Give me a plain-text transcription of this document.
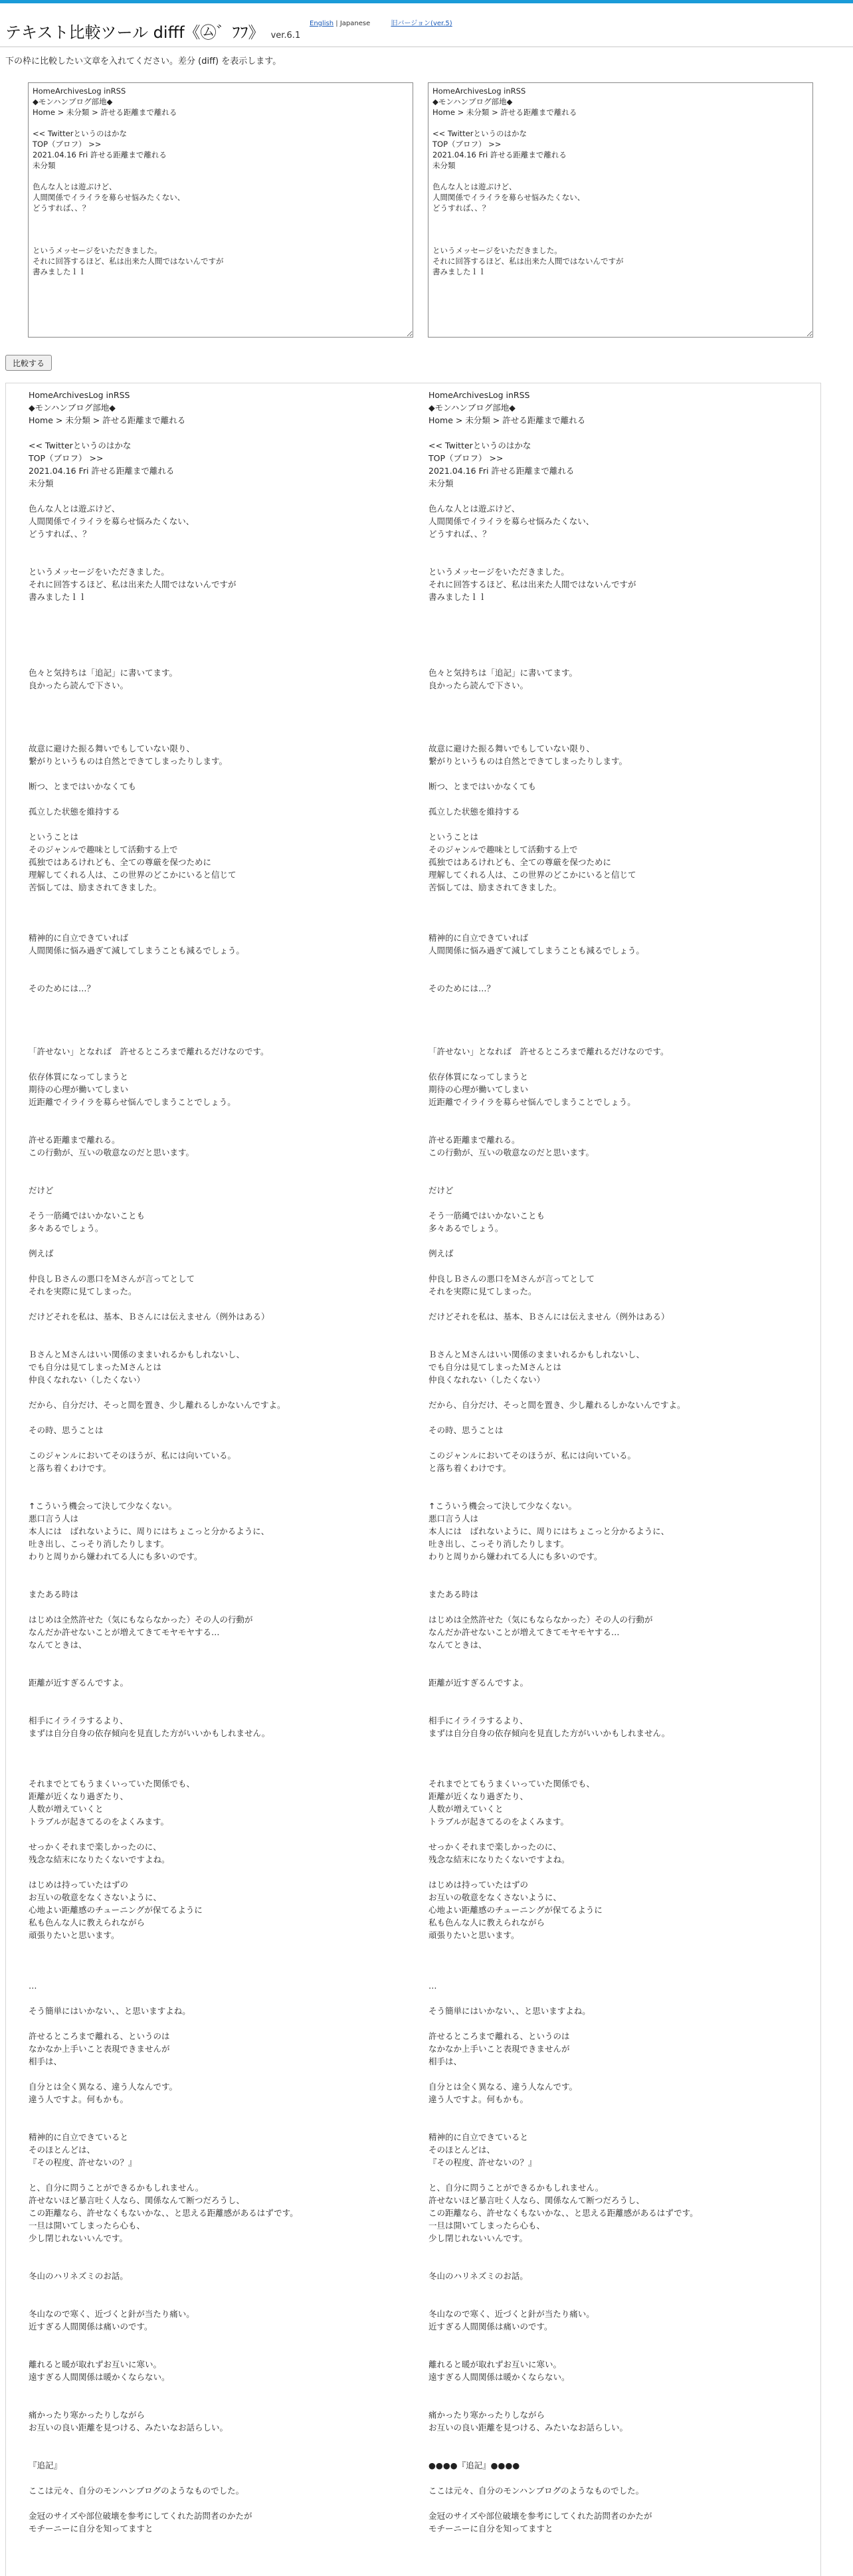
テキスト比較ツール difff《㋰゛ﾌﾌ》 ver.6.1
English | Japanese	旧バージョン(ver.5)
下の枠に比較したい文章を入れてください。差分 (diff) を表示します。
HomeArchivesLog inRSS ◆モンハンブログ部地◆ Home > 未分類 > 許せる距離まで離れる << Twitterというのはかな TOP（ブロフ） >> 2021.04.16 Fri 許せる距離まで離れる 未分類 色んな人とは遊ぶけど、 人間関係でイライラを募らせ悩みたくない、 どうすれば、、？ というメッセージをいただきました。 それに回答するほど、私は出来た人間ではないんですが 書みましたｌｌ
HomeArchivesLog inRSS ◆モンハンブログ部地◆ Home > 未分類 > 許せる距離まで離れる << Twitterというのはかな TOP（ブロフ） >> 2021.04.16 Fri 許せる距離まで離れる 未分類 色んな人とは遊ぶけど、 人間関係でイライラを募らせ悩みたくない、 どうすれば、、？ というメッセージをいただきました。 それに回答するほど、私は出来た人間ではないんですが 書みましたｌｌ
比較する
HomeArchivesLog inRSS
◆モンハンブログ部地◆
Home > 未分類 > 許せる距離まで離れる
<< Twitterというのはかな
TOP（ブロフ） >>
2021.04.16 Fri 許せる距離まで離れる
未分類
色んな人とは遊ぶけど、
人間関係でイライラを募らせ悩みたくない、
どうすれば、、？
というメッセージをいただきました。
それに回答するほど、私は出来た人間ではないんですが
書みましたｌｌ
色々と気持ちは「追記」に書いてます。
良かったら読んで下さい。
故意に避けた振る舞いでもしていない限り、
繋がりというものは自然とできてしまったりします。
断つ、とまではいかなくても
孤立した状態を維持する
ということは
そのジャンルで趣味として活動する上で
孤独ではあるけれども、全ての尊厳を保つために
理解してくれる人は、この世界のどこかにいると信じて
苦悩しては、励まされてきました。
精神的に自立できていれば
人間関係に悩み過ぎて減してしまうことも減るでしょう。
そのためには…？
「許せない」となれば　許せるところまで離れるだけなのです。
依存体質になってしまうと
期待の心理が働いてしまい
近距離でイライラを募らせ悩んでしまうことでしょう。
許せる距離まで離れる。
この行動が、互いの敬意なのだと思います。
だけど
そう一筋縄ではいかないことも
多々あるでしょう。
例えば
仲良しＢさんの悪口をＭさんが言ってとして
それを実際に見てしまった。
だけどそれを私は、基本、Ｂさんには伝えません（例外はある）
ＢさんとＭさんはいい関係のままいれるかもしれないし、
でも自分は見てしまったＭさんとは
仲良くなれない（したくない）
だから、自分だけ、そっと間を置き、少し離れるしかないんですよ。
その時、思うことは
このジャンルにおいてそのほうが、私には向いている。
と落ち着くわけです。
↑こういう機会って決して少なくない。
悪口言う人は
本人には　ばれないように、周りにはちょこっと分かるように、
吐き出し、こっそり消したりします。
わりと周りから嫌われてる人にも多いのです。
またある時は
はじめは全然許せた（気にもならなかった）その人の行動が
なんだか許せないことが増えてきてモヤモヤする…
なんてときは、
距離が近すぎるんですよ。
相手にイライラするより、
まずは自分自身の依存傾向を見直した方がいいかもしれません。
それまでとてもうまくいっていた関係でも、
距離が近くなり過ぎたり、
人数が増えていくと
トラブルが起きてるのをよくみます。
せっかくそれまで楽しかったのに、
残念な結末になりたくないですよね。
はじめは持っていたはずの
お互いの敬意をなくさないように、
心地よい距離感のチューニングが保てるように
私も色んな人に教えられながら
頑張りたいと思います。
…
そう簡単にはいかない、、と思いますよね。
許せるところまで離れる、というのは
なかなか上手いこと表現できませんが
相手は、
自分とは全く異なる、違う人なんです。
違う人ですよ。何もかも。
精神的に自立できていると
そのほとんどは、
『その程度、許せないの？』
と、自分に問うことができるかもしれません。
許せないほど暴言吐く人なら、関係なんて断つだろうし、
この距離なら、許せなくもないかな、、と思える距離感があるはずです。
一旦は開いてしまったら心も、
少し閉じれないいんです。
冬山のハリネズミのお話。
冬山なので寒く、近づくと針が当たり痛い。
近すぎる人間関係は痛いのです。
離れると暖が取れずお互いに寒い。
遠すぎる人間関係は暖かくならない。
痛かったり寒かったりしながら
お互いの良い距離を見つける、みたいなお話らしい。
『追記』
ここは元々、自分のモンハンブログのようなものでした。
金冠のサイズや部位破壊を参考にしてくれた訪問者のかたが
モチーニーに自分を知ってますと
HomeArchivesLog inRSS
◆モンハンブログ部地◆
Home > 未分類 > 許せる距離まで離れる
<< Twitterというのはかな
TOP（ブロフ） >>
2021.04.16 Fri 許せる距離まで離れる
未分類
色んな人とは遊ぶけど、
人間関係でイライラを募らせ悩みたくない、
どうすれば、、？
というメッセージをいただきました。
それに回答するほど、私は出来た人間ではないんですが
書みましたｌｌ
色々と気持ちは「追記」に書いてます。
良かったら読んで下さい。
故意に避けた振る舞いでもしていない限り、
繋がりというものは自然とできてしまったりします。
断つ、とまではいかなくても
孤立した状態を維持する
ということは
そのジャンルで趣味として活動する上で
孤独ではあるけれども、全ての尊厳を保つために
理解してくれる人は、この世界のどこかにいると信じて
苦悩しては、励まされてきました。
精神的に自立できていれば
人間関係に悩み過ぎて減してしまうことも減るでしょう。
そのためには…？
「許せない」となれば　許せるところまで離れるだけなのです。
依存体質になってしまうと
期待の心理が働いてしまい
近距離でイライラを募らせ悩んでしまうことでしょう。
許せる距離まで離れる。
この行動が、互いの敬意なのだと思います。
だけど
そう一筋縄ではいかないことも
多々あるでしょう。
例えば
仲良しＢさんの悪口をＭさんが言ってとして
それを実際に見てしまった。
だけどそれを私は、基本、Ｂさんには伝えません（例外はある）
ＢさんとＭさんはいい関係のままいれるかもしれないし、
でも自分は見てしまったＭさんとは
仲良くなれない（したくない）
だから、自分だけ、そっと間を置き、少し離れるしかないんですよ。
その時、思うことは
このジャンルにおいてそのほうが、私には向いている。
と落ち着くわけです。
↑こういう機会って決して少なくない。
悪口言う人は
本人には　ばれないように、周りにはちょこっと分かるように、
吐き出し、こっそり消したりします。
わりと周りから嫌われてる人にも多いのです。
またある時は
はじめは全然許せた（気にもならなかった）その人の行動が
なんだか許せないことが増えてきてモヤモヤする…
なんてときは、
距離が近すぎるんですよ。
相手にイライラするより、
まずは自分自身の依存傾向を見直した方がいいかもしれません。
それまでとてもうまくいっていた関係でも、
距離が近くなり過ぎたり、
人数が増えていくと
トラブルが起きてるのをよくみます。
せっかくそれまで楽しかったのに、
残念な結末になりたくないですよね。
はじめは持っていたはずの
お互いの敬意をなくさないように、
心地よい距離感のチューニングが保てるように
私も色んな人に教えられながら
頑張りたいと思います。
…
そう簡単にはいかない、、と思いますよね。
許せるところまで離れる、というのは
なかなか上手いこと表現できませんが
相手は、
自分とは全く異なる、違う人なんです。
違う人ですよ。何もかも。
精神的に自立できていると
そのほとんどは、
『その程度、許せないの？』
と、自分に問うことができるかもしれません。
許せないほど暴言吐く人なら、関係なんて断つだろうし、
この距離なら、許せなくもないかな、、と思える距離感があるはずです。
一旦は開いてしまったら心も、
少し閉じれないいんです。
冬山のハリネズミのお話。
冬山なので寒く、近づくと針が当たり痛い。
近すぎる人間関係は痛いのです。
離れると暖が取れずお互いに寒い。
遠すぎる人間関係は暖かくならない。
痛かったり寒かったりしながら
お互いの良い距離を見つける、みたいなお話らしい。
●●●●『追記』●●●●
ここは元々、自分のモンハンブログのようなものでした。
金冠のサイズや部位破壊を参考にしてくれた訪問者のかたが
モチーニーに自分を知ってますと
